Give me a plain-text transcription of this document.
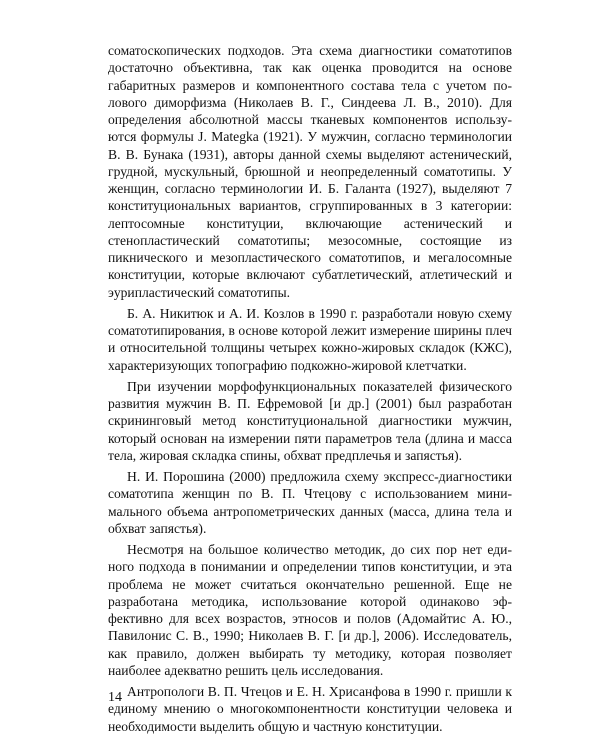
соматоскопических подходов. Эта схема диагностики соматотипов достаточно объективна, так как оценка проводится на основе габаритных размеров и компонентного состава тела с учетом полового диморфизма (Николаев В. Г., Синдеева Л. В., 2010). Для определения абсолютной массы тканевых компонентов используются формулы J. Mategka (1921). У мужчин, согласно терминологии В. В. Бунака (1931), авторы данной схемы выделяют астенический, грудной, мускульный, брюшной и неопределенный соматотипы. У женщин, согласно терминологии И. Б. Галанта (1927), выделяют 7 конституциональных вариантов, сгруппированных в 3 категории: лептосомные конституции, включающие астенический и стенопластический соматотипы; мезосомные, состоящие из пикнического и мезопластического соматотипов, и мегалосомные конституции, которые включают субатлетический, атлетический и эурипластический соматотипы.

Б. А. Никитюк и А. И. Козлов в 1990 г. разработали новую схему соматотипирования, в основе которой лежит измерение ширины плеч и относительной толщины четырех кожно-жировых складок (КЖС), характеризующих топографию подкожно-жировой клетчатки.

При изучении морфофункциональных показателей физического развития мужчин В. П. Ефремовой [и др.] (2001) был разработан скрининговый метод конституциональной диагностики мужчин, который основан на измерении пяти параметров тела (длина и масса тела, жировая складка спины, обхват предплечья и запястья).

Н. И. Порошина (2000) предложила схему экспресс-диагностики соматотипа женщин по В. П. Чтецову с использованием минимального объема антропометрических данных (масса, длина тела и обхват запястья).

Несмотря на большое количество методик, до сих пор нет единого подхода в понимании и определении типов конституции, и эта проблема не может считаться окончательно решенной. Еще не разработана методика, использование которой одинаково эффективно для всех возрастов, этносов и полов (Адомайтис А. Ю., Павилонис С. В., 1990; Николаев В. Г. [и др.], 2006). Исследователь, как правило, должен выбирать ту методику, которая позволяет наиболее адекватно решить цель исследования.

Антропологи В. П. Чтецов и Е. Н. Хрисанфова в 1990 г. пришли к единому мнению о многокомпонентности конституции человека и необходимости выделить общую и частную конституции.

14
